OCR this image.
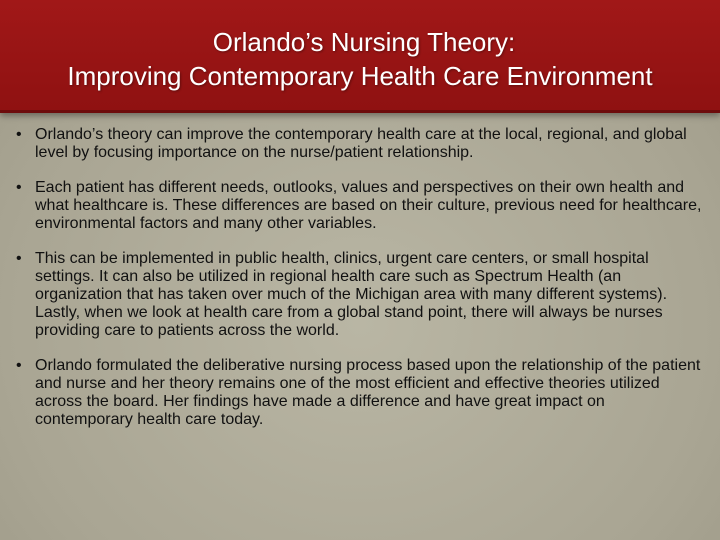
Orlando’s Nursing Theory:
Improving Contemporary Health Care Environment
• Orlando’s theory can improve the contemporary health care at the local, regional, and global level by focusing importance on the nurse/patient relationship.
• Each patient has different needs, outlooks, values and perspectives on their own health and what healthcare is. These differences are based on their culture, previous need for healthcare, environmental factors and many other variables.
• This can be implemented in public health, clinics, urgent care centers, or small hospital settings. It can also be utilized in regional health care such as Spectrum Health (an organization that has taken over much of the Michigan area with many different systems). Lastly, when we look at health care from a global stand point, there will always be nurses providing care to patients across the world.
• Orlando formulated the deliberative nursing process based upon the relationship of the patient and nurse and her theory remains one of the most efficient and effective theories utilized across the board. Her findings have made a difference and have great impact on contemporary health care today.
